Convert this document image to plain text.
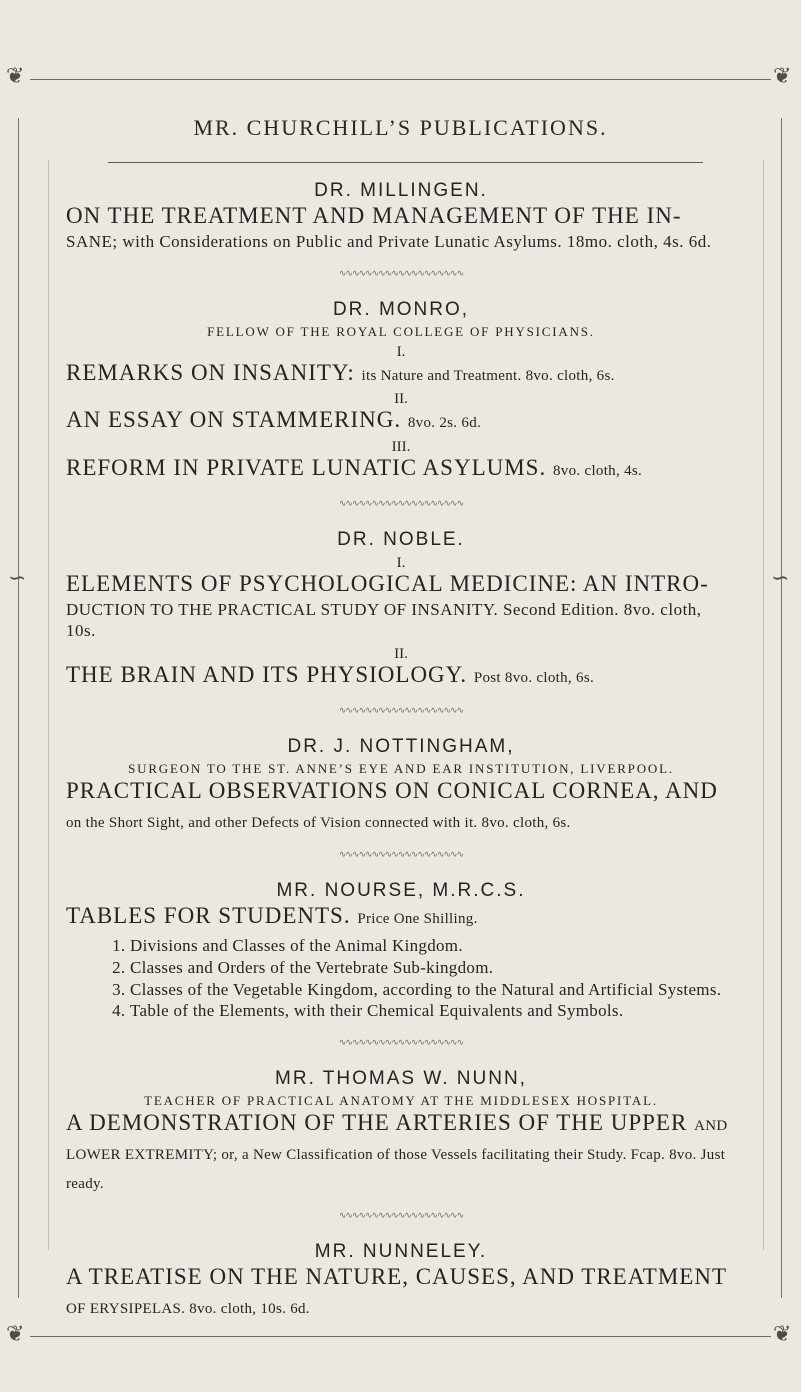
❦	❦
❦	❦
∽	∽
MR. CHURCHILL’S PUBLICATIONS.

DR. MILLINGEN.

ON THE TREATMENT AND MANAGEMENT OF THE IN-

SANE; with Considerations on Public and Private Lunatic Asylums. 18mo. cloth, 4s. 6d.

∿∿∿∿∿∿∿∿∿∿∿∿∿∿∿∿∿∿∿

DR. MONRO,

FELLOW OF THE ROYAL COLLEGE OF PHYSICIANS.

I.

REMARKS ON INSANITY: its Nature and Treatment. 8vo. cloth, 6s.

II.

AN ESSAY ON STAMMERING. 8vo. 2s. 6d.

III.

REFORM IN PRIVATE LUNATIC ASYLUMS. 8vo. cloth, 4s.

∿∿∿∿∿∿∿∿∿∿∿∿∿∿∿∿∿∿∿

DR. NOBLE.

I.

ELEMENTS OF PSYCHOLOGICAL MEDICINE: AN INTRO-

DUCTION TO THE PRACTICAL STUDY OF INSANITY. Second Edition. 8vo. cloth, 10s.

II.

THE BRAIN AND ITS PHYSIOLOGY. Post 8vo. cloth, 6s.

∿∿∿∿∿∿∿∿∿∿∿∿∿∿∿∿∿∿∿

DR. J. NOTTINGHAM,

SURGEON TO THE ST. ANNE’S EYE AND EAR INSTITUTION, LIVERPOOL.

PRACTICAL OBSERVATIONS ON CONICAL CORNEA, AND on the Short Sight, and other Defects of Vision connected with it. 8vo. cloth, 6s.

∿∿∿∿∿∿∿∿∿∿∿∿∿∿∿∿∿∿∿

MR. NOURSE, M.R.C.S.

TABLES FOR STUDENTS. Price One Shilling.

1. Divisions and Classes of the Animal Kingdom.
2. Classes and Orders of the Vertebrate Sub-kingdom.
3. Classes of the Vegetable Kingdom, according to the Natural and Artificial Systems.
4. Table of the Elements, with their Chemical Equivalents and Symbols.
∿∿∿∿∿∿∿∿∿∿∿∿∿∿∿∿∿∿∿

MR. THOMAS W. NUNN,

TEACHER OF PRACTICAL ANATOMY AT THE MIDDLESEX HOSPITAL.

A DEMONSTRATION OF THE ARTERIES OF THE UPPER AND LOWER EXTREMITY; or, a New Classification of those Vessels facilitating their Study. Fcap. 8vo. Just ready.

∿∿∿∿∿∿∿∿∿∿∿∿∿∿∿∿∿∿∿

MR. NUNNELEY.

A TREATISE ON THE NATURE, CAUSES, AND TREATMENT OF ERYSIPELAS. 8vo. cloth, 10s. 6d.
